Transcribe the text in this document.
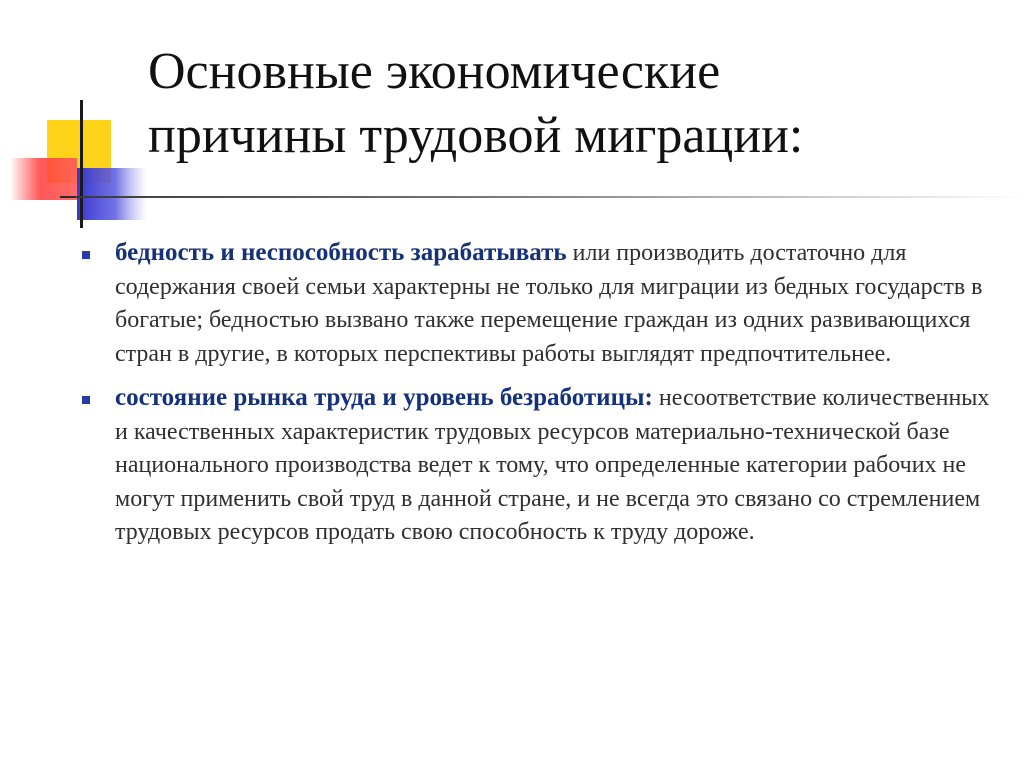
Основные экономические
причины трудовой миграции:
бедность и неспособность зарабатывать или производить достаточно для содержания своей семьи характерны не только для миграции из бедных государств в богатые; бедностью вызвано также перемещение граждан из одних развивающихся стран в другие, в которых перспективы работы выглядят предпочтительнее.
состояние рынка труда и уровень безработицы: несоответствие количественных и качественных характеристик трудовых ресурсов материально-технической базе национального производства ведет к тому, что определенные категории рабочих не могут применить свой труд в данной стране, и не всегда это связано со стремлением трудовых ресурсов продать свою способность к труду дороже.
